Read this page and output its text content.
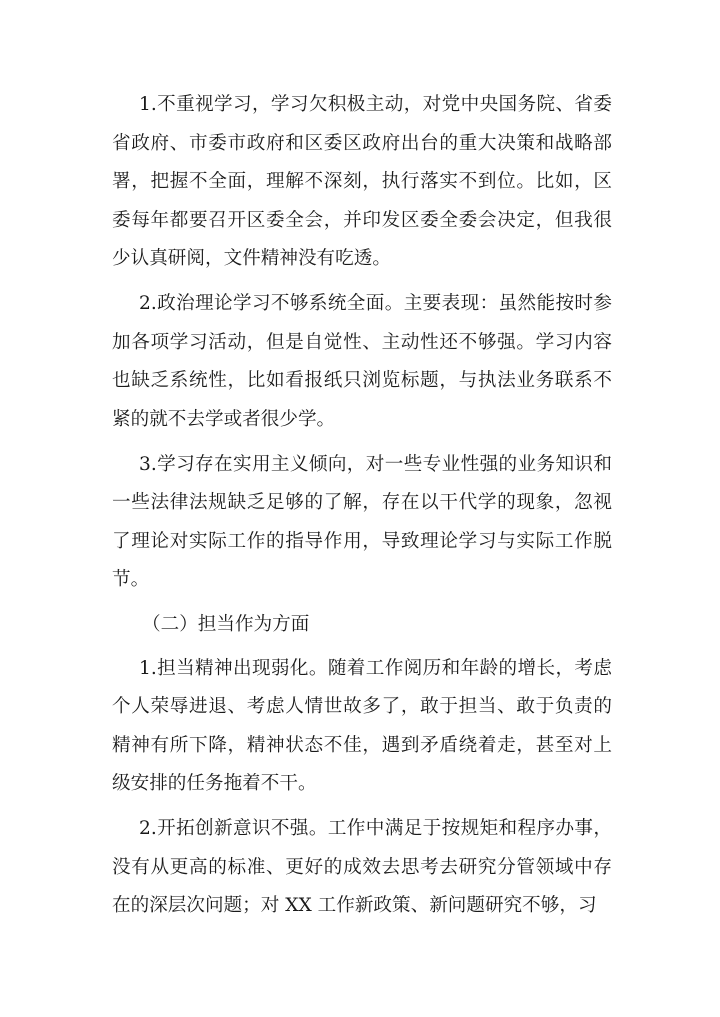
1.不重视学习，学习欠积极主动，对党中央国务院、省委省政府、市委市政府和区委区政府出台的重大决策和战略部署，把握不全面，理解不深刻，执行落实不到位。比如，区委每年都要召开区委全会，并印发区委全委会决定，但我很少认真研阅，文件精神没有吃透。

2.政治理论学习不够系统全面。主要表现：虽然能按时参加各项学习活动，但是自觉性、主动性还不够强。学习内容也缺乏系统性，比如看报纸只浏览标题，与执法业务联系不紧的就不去学或者很少学。

3.学习存在实用主义倾向，对一些专业性强的业务知识和一些法律法规缺乏足够的了解，存在以干代学的现象，忽视了理论对实际工作的指导作用，导致理论学习与实际工作脱节。

（二）担当作为方面

1.担当精神出现弱化。随着工作阅历和年龄的增长，考虑个人荣辱进退、考虑人情世故多了，敢于担当、敢于负责的精神有所下降，精神状态不佳，遇到矛盾绕着走，甚至对上级安排的任务拖着不干。

2.开拓创新意识不强。工作中满足于按规矩和程序办事，没有从更高的标准、更好的成效去思考去研究分管领域中存在的深层次问题；对 XX 工作新政策、新问题研究不够，习
